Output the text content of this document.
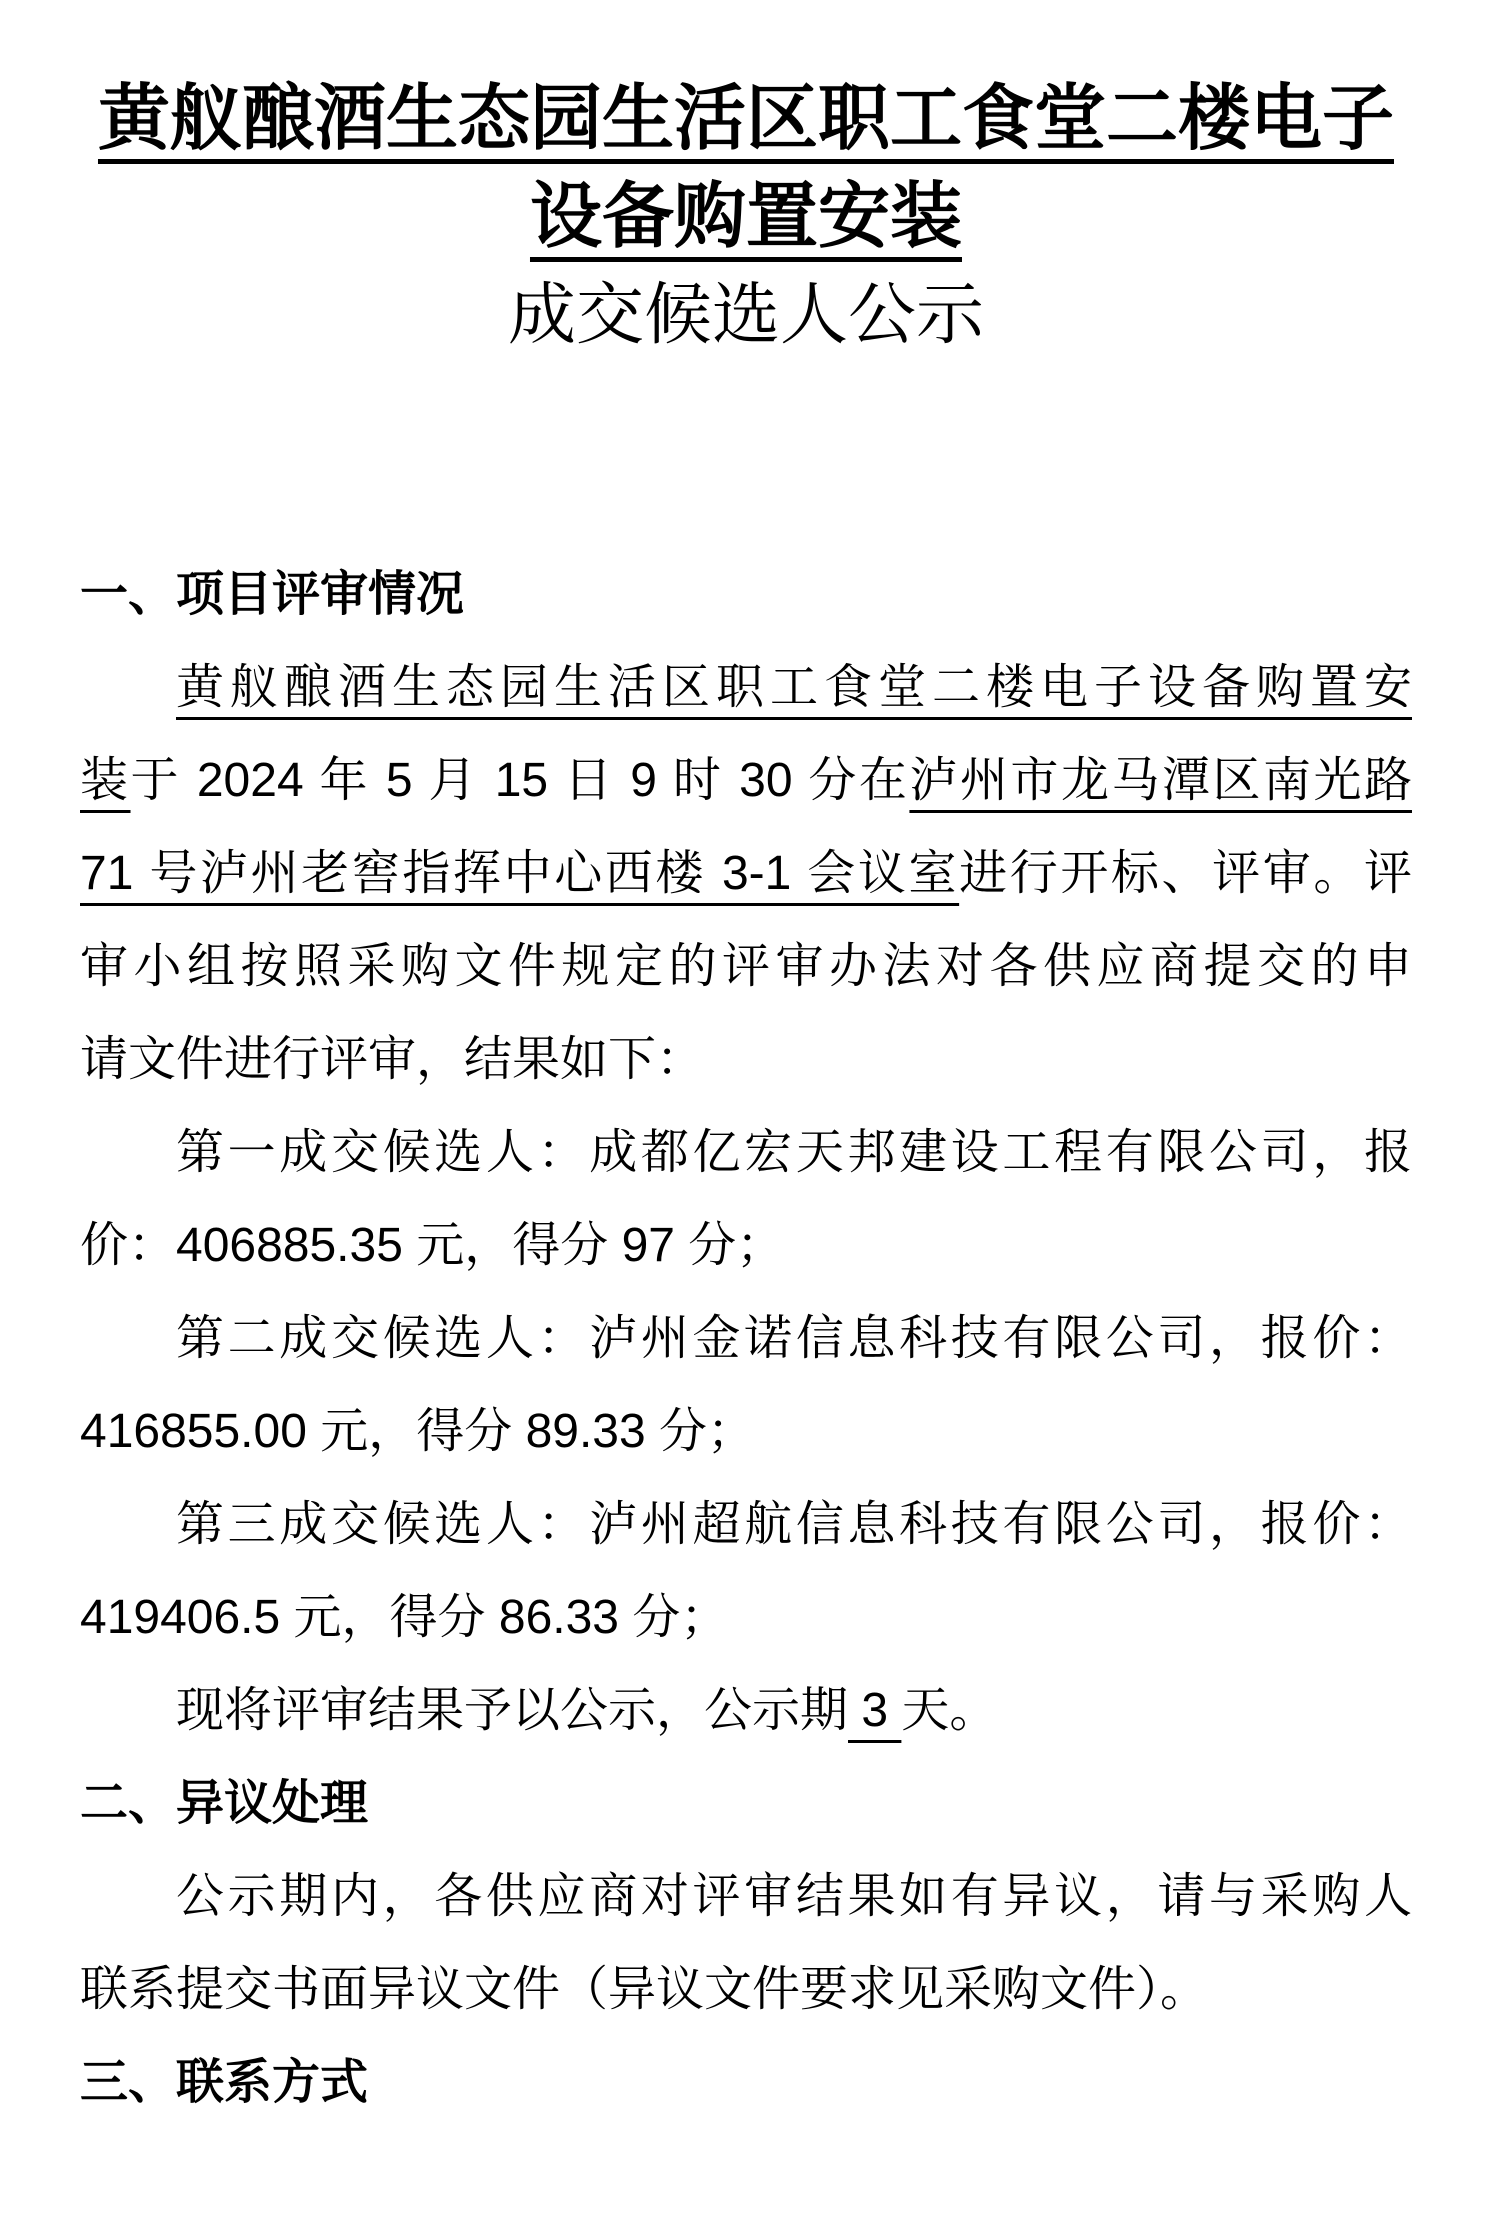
黄舣酿酒生态园生活区职工食堂二楼电子
设备购置安装
成交候选人公示
一、项目评审情况
黄舣酿酒生态园生活区职工食堂二楼电子设备购置安
装于 2024 年 5 月 15 日 9 时 30 分在泸州市龙马潭区南光路
71 号泸州老窖指挥中心西楼 3-1 会议室进行开标、评审。评
审小组按照采购文件规定的评审办法对各供应商提交的申
请文件进行评审，结果如下：
第一成交候选人：成都亿宏天邦建设工程有限公司，报
价：406885.35 元，得分 97 分；
第二成交候选人：泸州金诺信息科技有限公司，报价：
416855.00 元，得分 89.33 分；
第三成交候选人：泸州超航信息科技有限公司，报价：
419406.5 元，得分 86.33 分；
现将评审结果予以公示，公示期 3 天。
二、异议处理
公示期内，各供应商对评审结果如有异议，请与采购人
联系提交书面异议文件（异议文件要求见采购文件）。
三、联系方式
